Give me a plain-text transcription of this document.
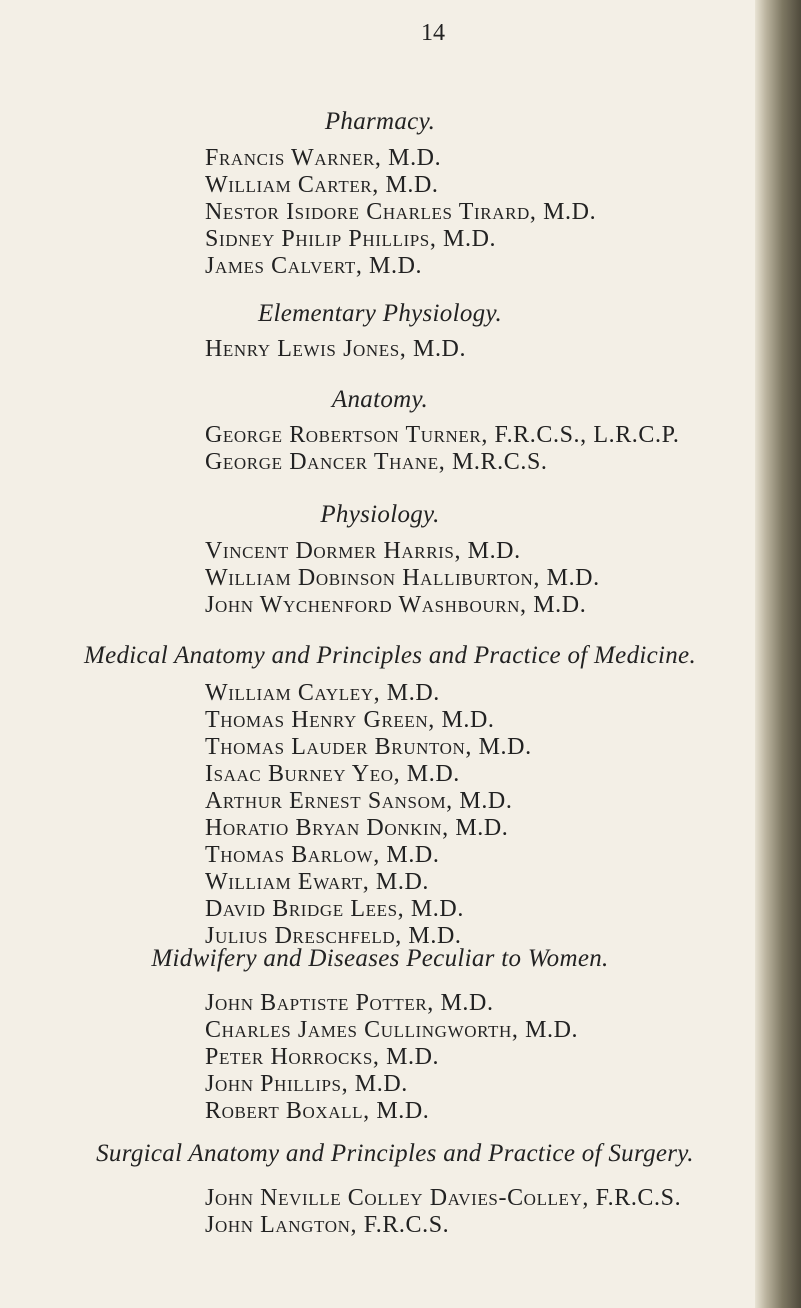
14
Pharmacy.
Francis Warner, M.D.
William Carter, M.D.
Nestor Isidore Charles Tirard, M.D.
Sidney Philip Phillips, M.D.
James Calvert, M.D.
Elementary Physiology.
Henry Lewis Jones, M.D.
Anatomy.
George Robertson Turner, F.R.C.S., L.R.C.P.
George Dancer Thane, M.R.C.S.
Physiology.
Vincent Dormer Harris, M.D.
William Dobinson Halliburton, M.D.
John Wychenford Washbourn, M.D.
Medical Anatomy and Principles and Practice of Medicine.
William Cayley, M.D.
Thomas Henry Green, M.D.
Thomas Lauder Brunton, M.D.
Isaac Burney Yeo, M.D.
Arthur Ernest Sansom, M.D.
Horatio Bryan Donkin, M.D.
Thomas Barlow, M.D.
William Ewart, M.D.
David Bridge Lees, M.D.
Julius Dreschfeld, M.D.
Midwifery and Diseases Peculiar to Women.
John Baptiste Potter, M.D.
Charles James Cullingworth, M.D.
Peter Horrocks, M.D.
John Phillips, M.D.
Robert Boxall, M.D.
Surgical Anatomy and Principles and Practice of Surgery.
John Neville Colley Davies-Colley, F.R.C.S.
John Langton, F.R.C.S.
